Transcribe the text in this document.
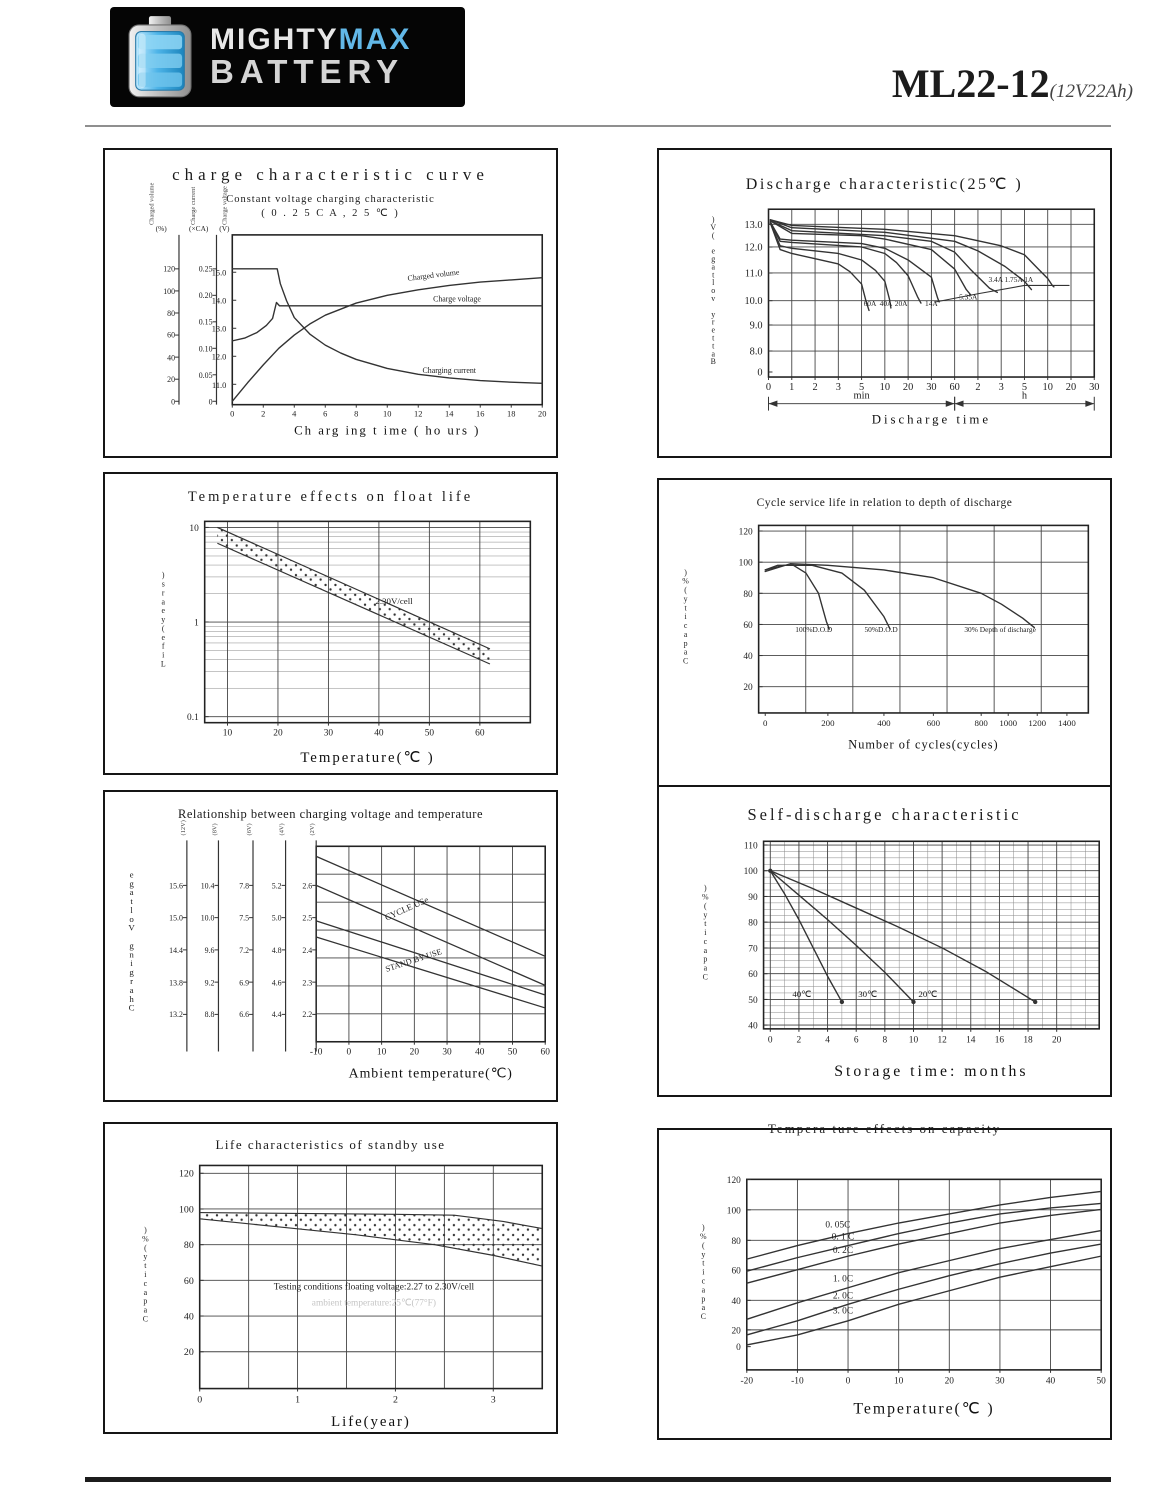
MIGHTYMAX
BATTERY	ML22-12(12V22Ah)
charge characteristic curve
Constant voltage charging characteristic
( 0 . 2 5 C A , 2 5 ℃ )
11.0
12.0
13.0
14.0
15.0
0	2	4	6	8	10	12	14	16	18	20
Ch arg ing t ime ( ho urs )
Charged volume
Charge voltage
Charging current
0
20
40
60
80
100
120
0
0.05
0.10
0.15
0.20
0.25
(%)	(×CA) (V)
Charged volume	Charge current	Charge voltage
Discharge characteristic(25℃ )
13.0
12.0
11.0
10.0
9.0
8.0
0
0 1 2 3 5 10 20 30 60 2 3 5 10 20 30
min	h
Discharge time
)
V
(
e
g
a
t
l
o
v
y
r
e
t
t
a
B
60A 40A 20A 14A
5.35A
3.4A 1.75A 1A
Temperature effects on float life
10
1
0.1
10	20	30	40	50	60
Temperature(℃ )
)
s
r
a
e
y
(
e
f
i
L
2.30V/cell
Cycle service life in relation to depth of discharge
120
100
80
60
40
20
0	200	400	600	800 1000 1200 1400
Number of cycles(cycles)
)
%
(
y
t
i
c
a
p
a
C
100%D.O.D	50%D.O.D	30% Depth of discharge
Relationship between charging voltage and temperature
-10	0	10 20 30 40 50 60
Ambient temperature(℃)
e
g
a
t
l
o
V
g
n
i
g
r
a
h
C
CYCLE USe
STAND BY USE
15.6
15.0
14.4
13.8
13.2
10.4
10.0
9.6
9.2
8.8
7.8
7.5
7.2
6.9
6.6
5.2
5.0
4.8
4.6
4.4
2.6
2.5
2.4
2.3
2.2
(12V)	(8V)	(6V)	(4V)	(2V)
Self-discharge characteristic
110
100
90
80
70
60
50
40
0	2	4	6	8 10 12 14 16 18 20
Storage time: months
)
%
(
y
t
i
c
a
p
a
C
40℃	30℃	20℃
Life characteristics of standby use
120
100
80
60
40
20
0	1	2	3
Life(year)
)
%
(
y
t
i
c
a
p
a
C
Testing conditions floating voltage:2.27 to 2.30V/cell
ambient temperature:25℃(77°F)
Tempera ture effects on capacity
120
100
80
60
40
20
0
-20	-10	0	10	20	30	40	50
Temperature(℃ )
)
%
(
y
t
i
c
a
p
a
C
0. 05C
0. 1 C
0. 2C
1. 0C
2. 0C
3. 0C
